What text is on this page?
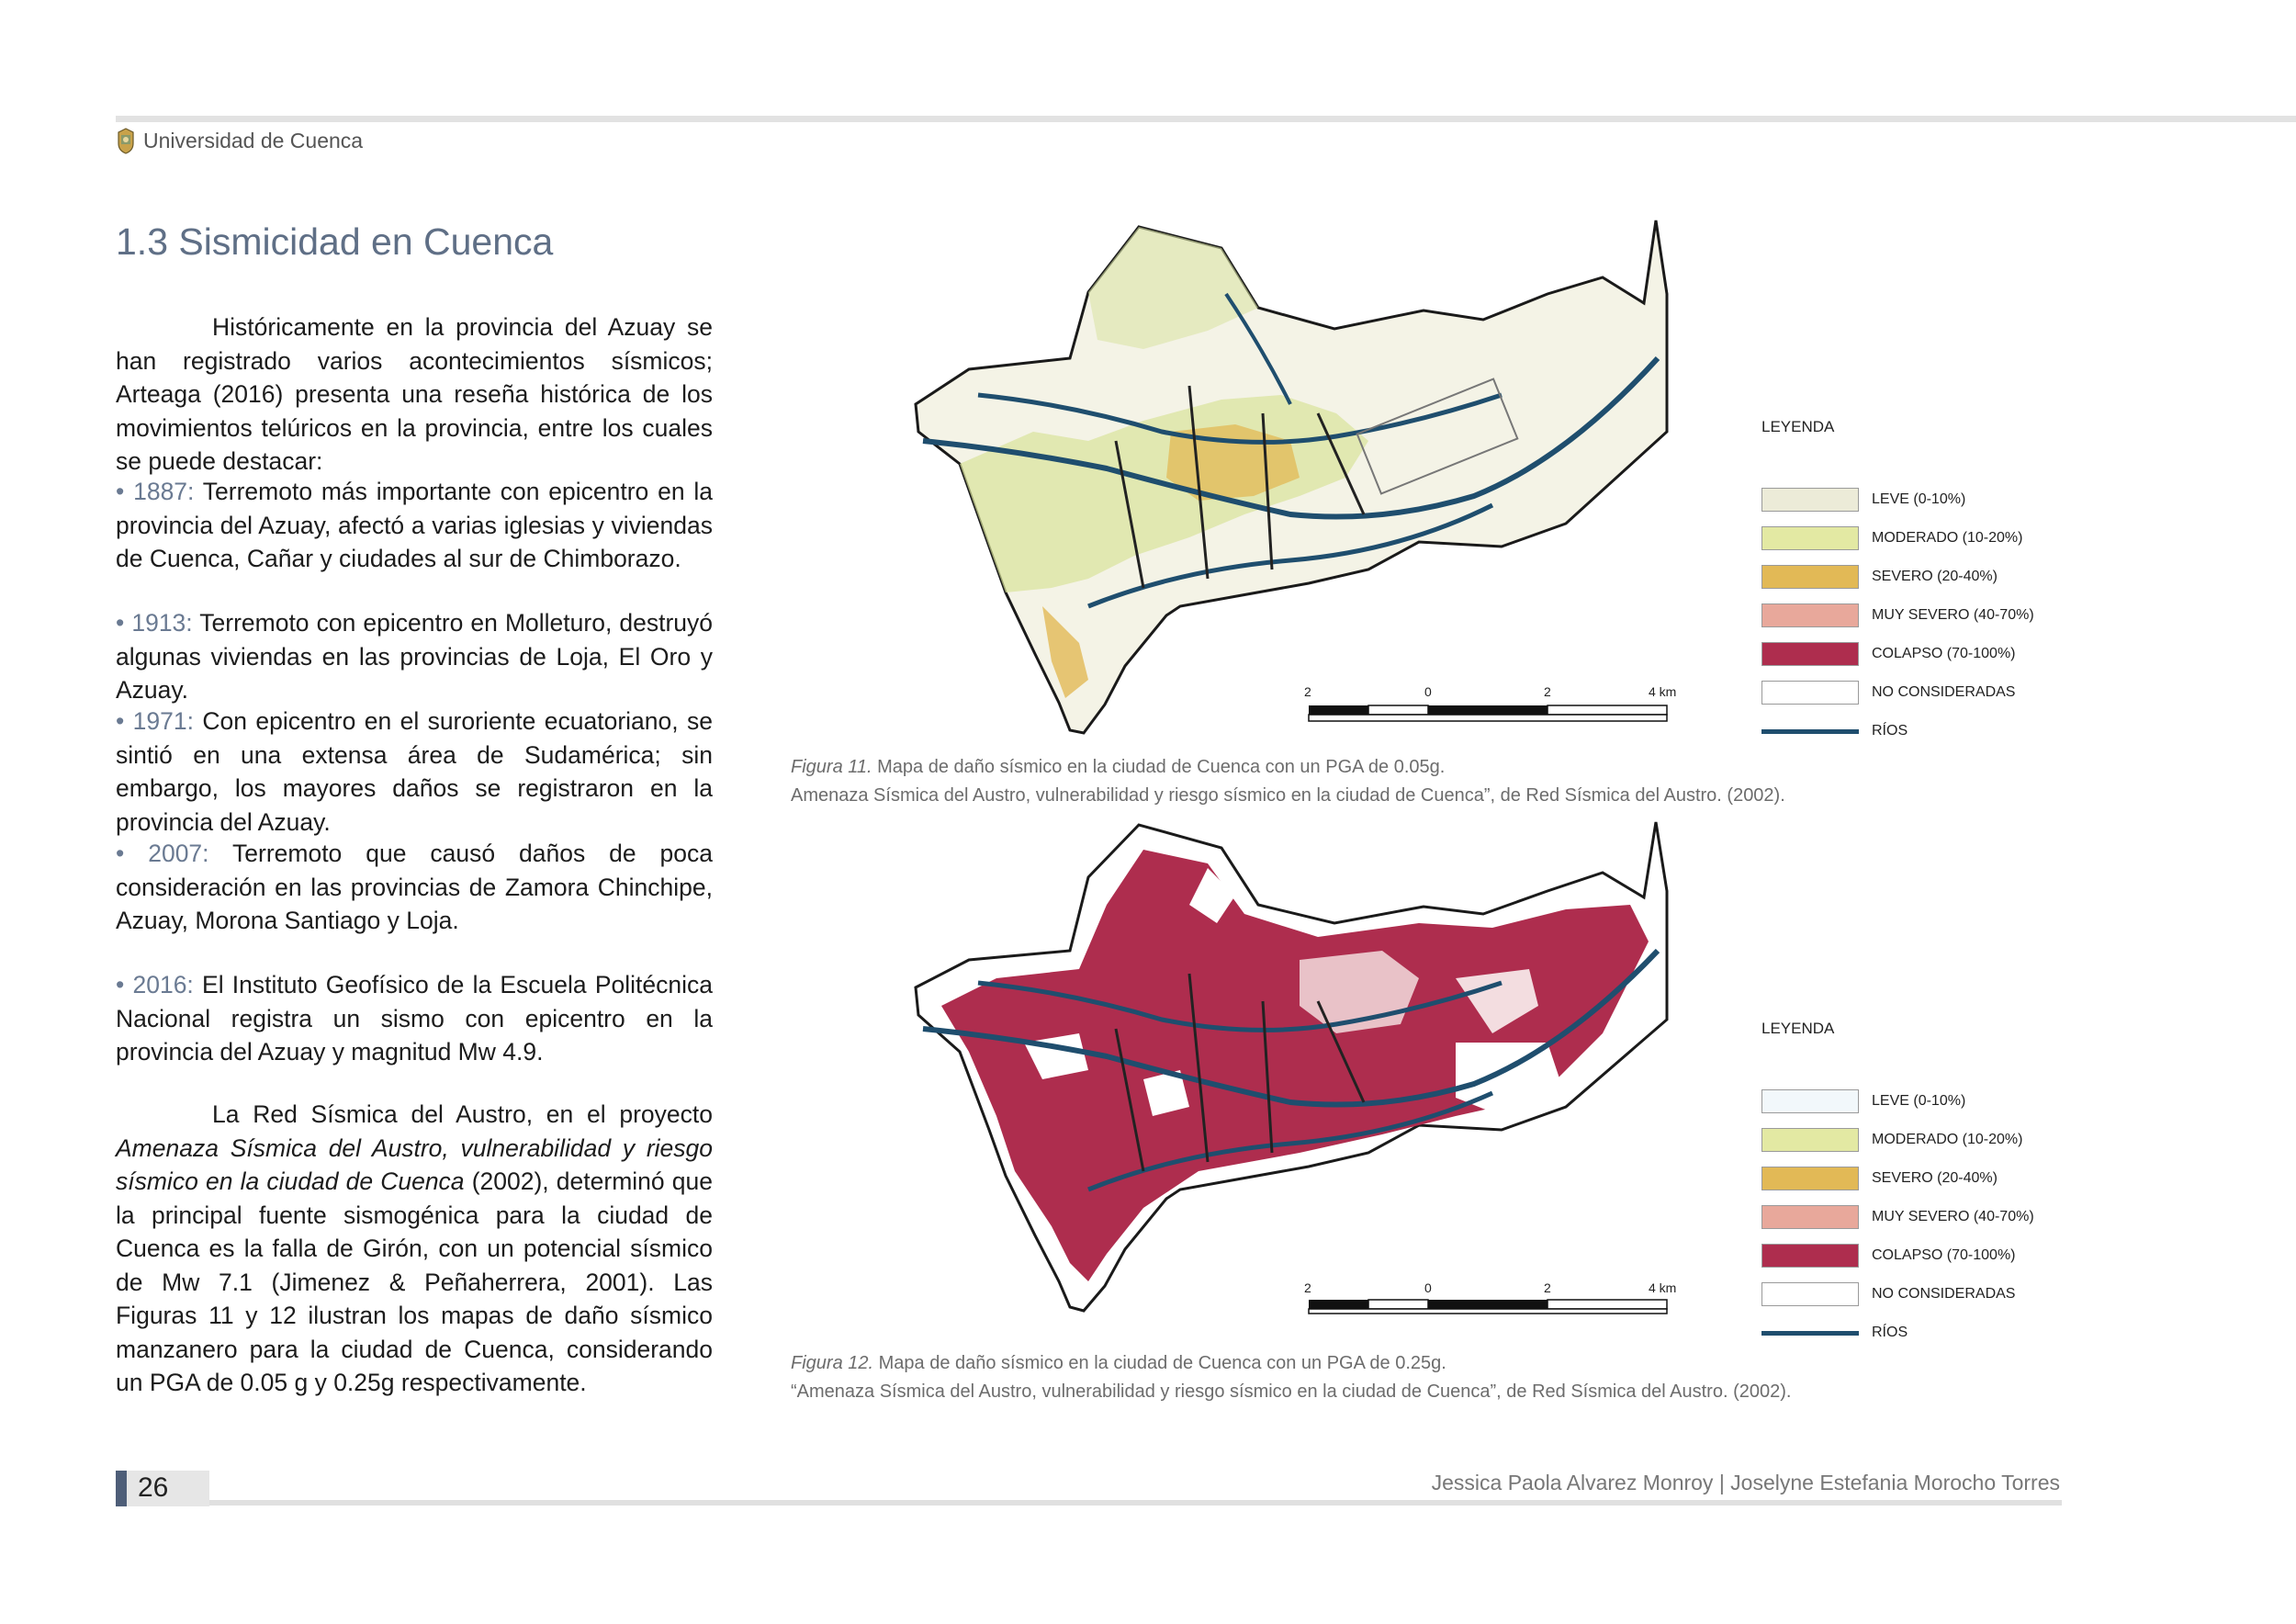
Universidad de Cuenca
1.3 Sismicidad en Cuenca
Históricamente en la provincia del Azuay se han registrado varios acontecimientos sísmicos; Arteaga (2016) presenta una reseña histórica de los movimientos telúricos en la provincia, entre los cuales se puede destacar:
• 1887: Terremoto más importante con epicentro en la provincia del Azuay, afectó a varias iglesias y viviendas de Cuenca, Cañar y ciudades al sur de Chimborazo.
• 1913: Terremoto con epicentro en Molleturo, destruyó algunas viviendas en las provincias de Loja, El Oro y Azuay.
• 1971: Con epicentro en el suroriente ecuatoriano, se sintió en una extensa área de Sudamérica; sin embargo, los mayores daños se registraron en la provincia del Azuay.
• 2007: Terremoto que causó daños de poca consideración en las provincias de Zamora Chinchipe, Azuay, Morona Santiago y Loja.
• 2016: El Instituto Geofísico de la Escuela Politécnica Nacional registra un sismo con epicentro en la provincia del Azuay y magnitud Mw 4.9.
La Red Sísmica del Austro, en el proyecto Amenaza Sísmica del Austro, vulnerabilidad y riesgo sísmico en la ciudad de Cuenca (2002), determinó que la principal fuente sismogénica para la ciudad de Cuenca es la falla de Girón, con un potencial sísmico de Mw 7.1 (Jimenez & Peñaherrera, 2001). Las Figuras 11 y 12 ilustran los mapas de daño sísmico manzanero para la ciudad de Cuenca, considerando un PGA de 0.05 g y 0.25g respectivamente.
2	0	2	4 km
LEYENDA
LEVE (0-10%)
MODERADO (10-20%)
SEVERO (20-40%)
MUY SEVERO (40-70%)
COLAPSO (70-100%)
NO CONSIDERADAS
RÍOS
Figura 11. Mapa de daño sísmico en la ciudad de Cuenca con un PGA de 0.05g.
Amenaza Sísmica del Austro, vulnerabilidad y riesgo sísmico en la ciudad de Cuenca”, de Red Sísmica del Austro. (2002).
2	0	2	4 km
LEYENDA
LEVE (0-10%)
MODERADO (10-20%)
SEVERO (20-40%)
MUY SEVERO (40-70%)
COLAPSO (70-100%)
NO CONSIDERADAS
RÍOS
Figura 12. Mapa de daño sísmico en la ciudad de Cuenca con un PGA de 0.25g.
“Amenaza Sísmica del Austro, vulnerabilidad y riesgo sísmico en la ciudad de Cuenca”, de Red Sísmica del Austro. (2002).
26	Jessica Paola Alvarez Monroy | Joselyne Estefania Morocho Torres
